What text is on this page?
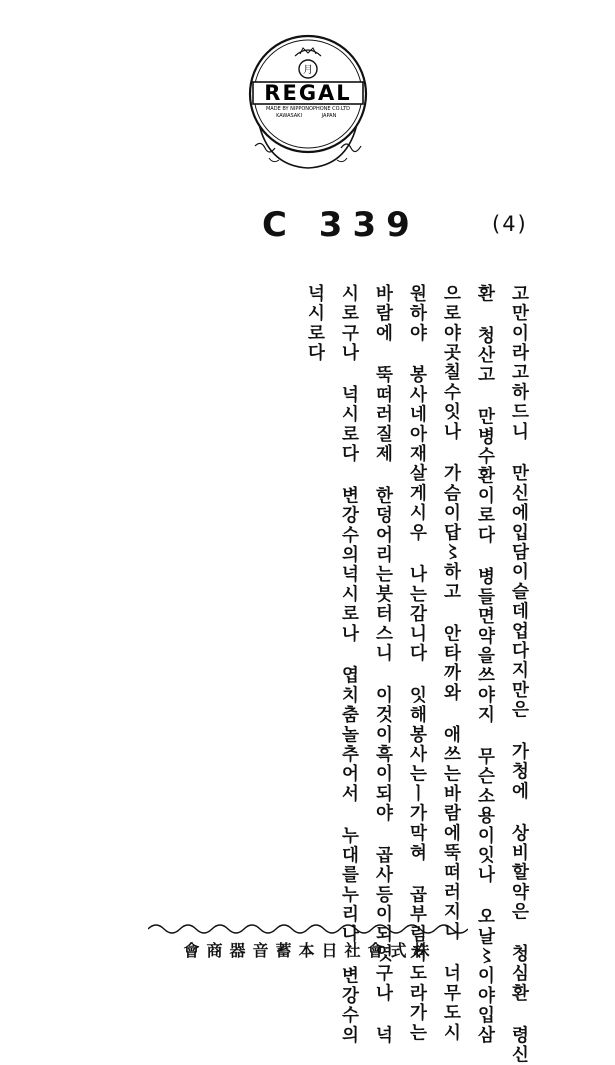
月
REGAL
MADE BY NIPPONOPHONE CO.LTD
KAWASAKI	JAPAN
C 339	(4)
고만이라고하드니 만신에입담이슬데업다지만은 가청에 상비할약은 청심환 령신
환 청산고 만병수환이로다 병들면약을쓰야지 무슨소용이잇나 오날〻이야입삼
으로야곳칠수잇나 가슴이답〻하고 안타까와 애쓰는바람에뚝떠러지니 너무도시
원하야 봉사네아재살게시우 나는감니다 잇해봉사는ㅣ가막혀 곱부림쳐도라가는
바람에 뚝떠러질제 한덩어리는붓터스니 이것이흑이되야 곱사등이되엿구나 넉
시로구나 넉시로다 변강수의넉시로나 엽치춤놀추어서 누대를누리나 변강수의
넉시로다
會商器音蓄本日社會式株
